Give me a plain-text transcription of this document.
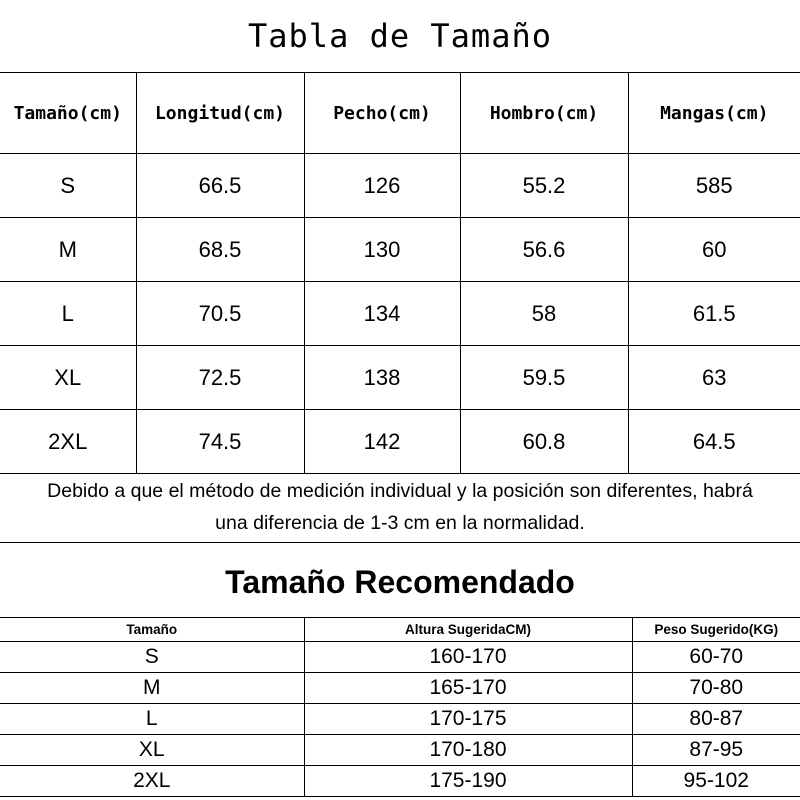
Tabla de Tamaño
Tamaño(cm)	Longitud(cm)	Pecho(cm)	Hombro(cm)	Mangas(cm)
S	66.5	126	55.2	585
M	68.5	130	56.6	60
L	70.5	134	58	61.5
XL	72.5	138	59.5	63
2XL	74.5	142	60.8	64.5
Debido a que el método de medición individual y la posición son diferentes, habrá
una diferencia de 1-3 cm en la normalidad.
Tamaño Recomendado
Tamaño	Altura SugeridaCM)	Peso Sugerido(KG)
S	160-170	60-70
M	165-170	70-80
L	170-175	80-87
XL	170-180	87-95
2XL	175-190	95-102
